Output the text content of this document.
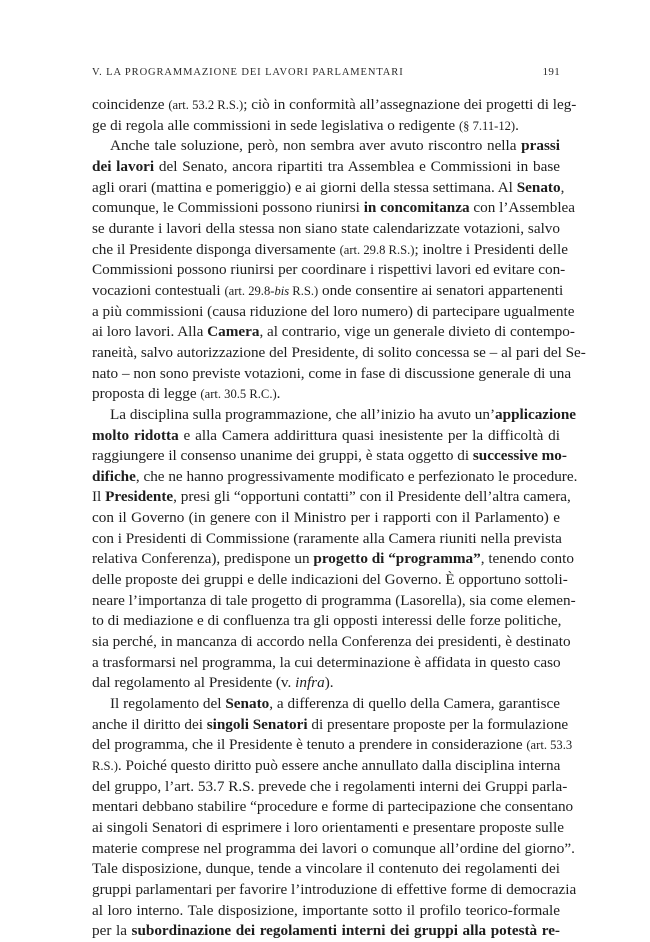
V. LA PROGRAMMAZIONE DEI LAVORI PARLAMENTARI	191
coincidenze (art. 53.2 R.S.); ciò in conformità all’assegnazione dei progetti di leg-
ge di regola alle commissioni in sede legislativa o redigente (§ 7.11-12).
Anche tale soluzione, però, non sembra aver avuto riscontro nella prassi
dei lavori del Senato, ancora ripartiti tra Assemblea e Commissioni in base
agli orari (mattina e pomeriggio) e ai giorni della stessa settimana. Al Senato,
comunque, le Commissioni possono riunirsi in concomitanza con l’Assemblea
se durante i lavori della stessa non siano state calendarizzate votazioni, salvo
che il Presidente disponga diversamente (art. 29.8 R.S.); inoltre i Presidenti delle
Commissioni possono riunirsi per coordinare i rispettivi lavori ed evitare con-
vocazioni contestuali (art. 29.8-bis R.S.) onde consentire ai senatori appartenenti
a più commissioni (causa riduzione del loro numero) di partecipare ugualmente
ai loro lavori. Alla Camera, al contrario, vige un generale divieto di contempo-
raneità, salvo autorizzazione del Presidente, di solito concessa se – al pari del Se-
nato – non sono previste votazioni, come in fase di discussione generale di una
proposta di legge (art. 30.5 R.C.).
La disciplina sulla programmazione, che all’inizio ha avuto un’applicazione
molto ridotta e alla Camera addirittura quasi inesistente per la difficoltà di
raggiungere il consenso unanime dei gruppi, è stata oggetto di successive mo-
difiche, che ne hanno progressivamente modificato e perfezionato le procedure.
Il Presidente, presi gli “opportuni contatti” con il Presidente dell’altra camera,
con il Governo (in genere con il Ministro per i rapporti con il Parlamento) e
con i Presidenti di Commissione (raramente alla Camera riuniti nella prevista
relativa Conferenza), predispone un progetto di “programma”, tenendo conto
delle proposte dei gruppi e delle indicazioni del Governo. È opportuno sottoli-
neare l’importanza di tale progetto di programma (Lasorella), sia come elemen-
to di mediazione e di confluenza tra gli opposti interessi delle forze politiche,
sia perché, in mancanza di accordo nella Conferenza dei presidenti, è destinato
a trasformarsi nel programma, la cui determinazione è affidata in questo caso
dal regolamento al Presidente (v. infra).
Il regolamento del Senato, a differenza di quello della Camera, garantisce
anche il diritto dei singoli Senatori di presentare proposte per la formulazione
del programma, che il Presidente è tenuto a prendere in considerazione (art. 53.3
R.S.). Poiché questo diritto può essere anche annullato dalla disciplina interna
del gruppo, l’art. 53.7 R.S. prevede che i regolamenti interni dei Gruppi parla-
mentari debbano stabilire “procedure e forme di partecipazione che consentano
ai singoli Senatori di esprimere i loro orientamenti e presentare proposte sulle
materie comprese nel programma dei lavori o comunque all’ordine del giorno”.
Tale disposizione, dunque, tende a vincolare il contenuto dei regolamenti dei
gruppi parlamentari per favorire l’introduzione di effettive forme di democrazia
al loro interno. Tale disposizione, importante sotto il profilo teorico-formale
per la subordinazione dei regolamenti interni dei gruppi alla potestà re-
